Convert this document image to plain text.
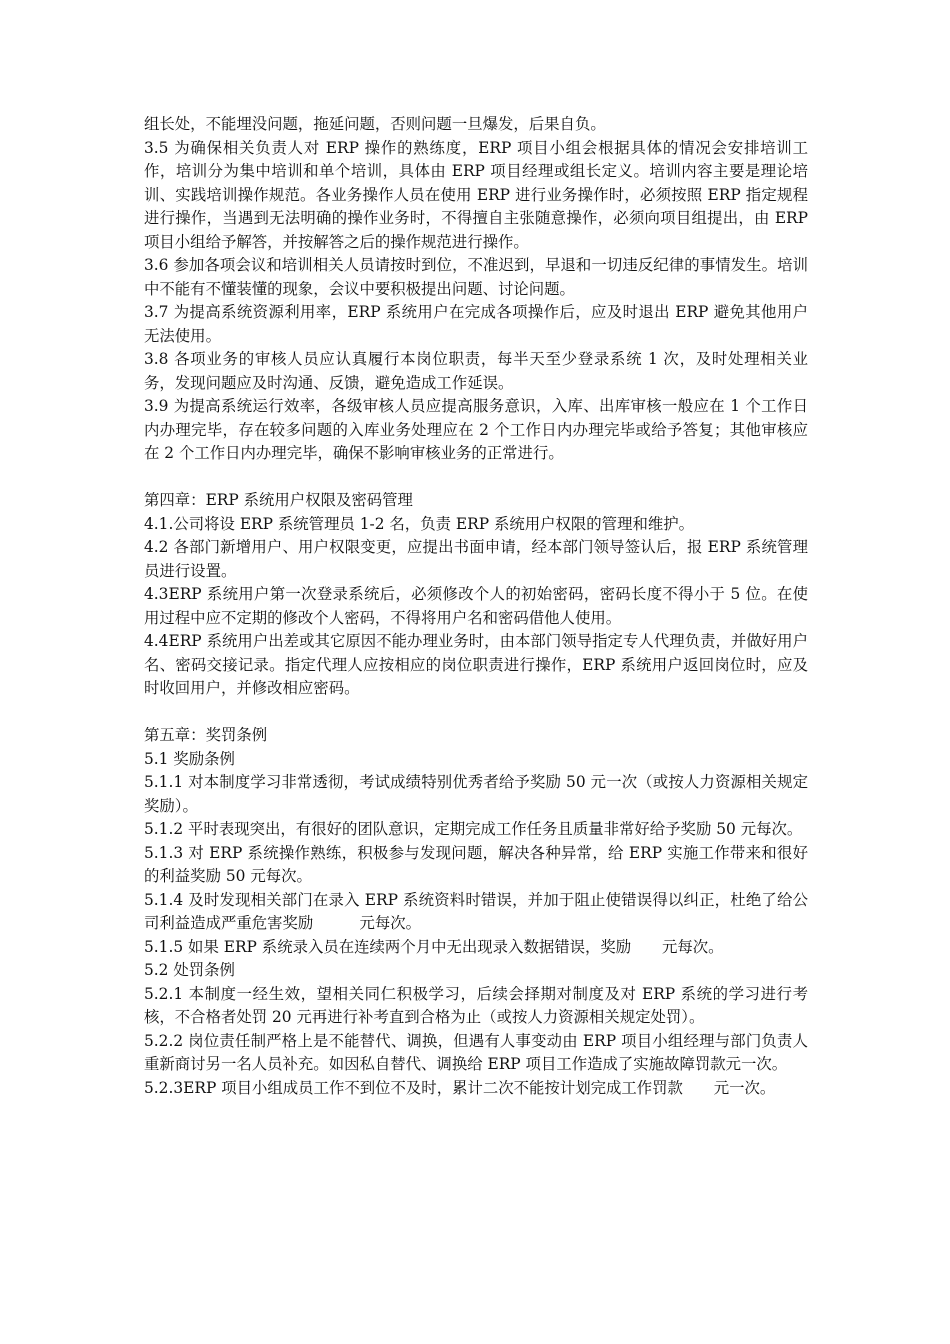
组长处，不能埋没问题，拖延问题，否则问题一旦爆发，后果自负。

3.5 为确保相关负责人对 ERP 操作的熟练度，ERP 项目小组会根据具体的情况会安排培训工作，培训分为集中培训和单个培训，具体由 ERP 项目经理或组长定义。培训内容主要是理论培训、实践培训操作规范。各业务操作人员在使用 ERP 进行业务操作时，必须按照 ERP 指定规程进行操作，当遇到无法明确的操作业务时，不得擅自主张随意操作，必须向项目组提出，由 ERP 项目小组给予解答，并按解答之后的操作规范进行操作。

3.6 参加各项会议和培训相关人员请按时到位，不准迟到，早退和一切违反纪律的事情发生。培训中不能有不懂装懂的现象，会议中要积极提出问题、讨论问题。

3.7 为提高系统资源利用率，ERP 系统用户在完成各项操作后，应及时退出 ERP 避免其他用户无法使用。

3.8 各项业务的审核人员应认真履行本岗位职责，每半天至少登录系统 1 次，及时处理相关业务，发现问题应及时沟通、反馈，避免造成工作延误。

3.9 为提高系统运行效率，各级审核人员应提高服务意识，入库、出库审核一般应在 1 个工作日内办理完毕，存在较多问题的入库业务处理应在 2 个工作日内办理完毕或给予答复；其他审核应在 2 个工作日内办理完毕，确保不影响审核业务的正常进行。

第四章：ERP 系统用户权限及密码管理

4.1.公司将设 ERP 系统管理员 1-2 名，负责 ERP 系统用户权限的管理和维护。

4.2 各部门新增用户、用户权限变更，应提出书面申请，经本部门领导签认后，报 ERP 系统管理员进行设置。

4.3ERP 系统用户第一次登录系统后，必须修改个人的初始密码，密码长度不得小于 5 位。在使用过程中应不定期的修改个人密码，不得将用户名和密码借他人使用。

4.4ERP 系统用户出差或其它原因不能办理业务时，由本部门领导指定专人代理负责，并做好用户名、密码交接记录。指定代理人应按相应的岗位职责进行操作，ERP 系统用户返回岗位时，应及时收回用户，并修改相应密码。

第五章：奖罚条例

5.1 奖励条例

5.1.1 对本制度学习非常透彻，考试成绩特别优秀者给予奖励 50 元一次（或按人力资源相关规定奖励）。

5.1.2 平时表现突出，有很好的团队意识，定期完成工作任务且质量非常好给予奖励 50 元每次。

5.1.3 对 ERP 系统操作熟练，积极参与发现问题，解决各种异常，给 ERP 实施工作带来和很好的利益奖励 50 元每次。

5.1.4 及时发现相关部门在录入 ERP 系统资料时错误，并加于阻止使错误得以纠正，杜绝了给公司利益造成严重危害奖励　　　元每次。

5.1.5 如果 ERP 系统录入员在连续两个月中无出现录入数据错误，奖励　　元每次。

5.2 处罚条例

5.2.1 本制度一经生效，望相关同仁积极学习，后续会择期对制度及对 ERP 系统的学习进行考核，不合格者处罚 20 元再进行补考直到合格为止（或按人力资源相关规定处罚）。

5.2.2 岗位责任制严格上是不能替代、调换，但遇有人事变动由 ERP 项目小组经理与部门负责人重新商讨另一名人员补充。如因私自替代、调换给 ERP 项目工作造成了实施故障罚款元一次。

5.2.3ERP 项目小组成员工作不到位不及时，累计二次不能按计划完成工作罚款　　元一次。
